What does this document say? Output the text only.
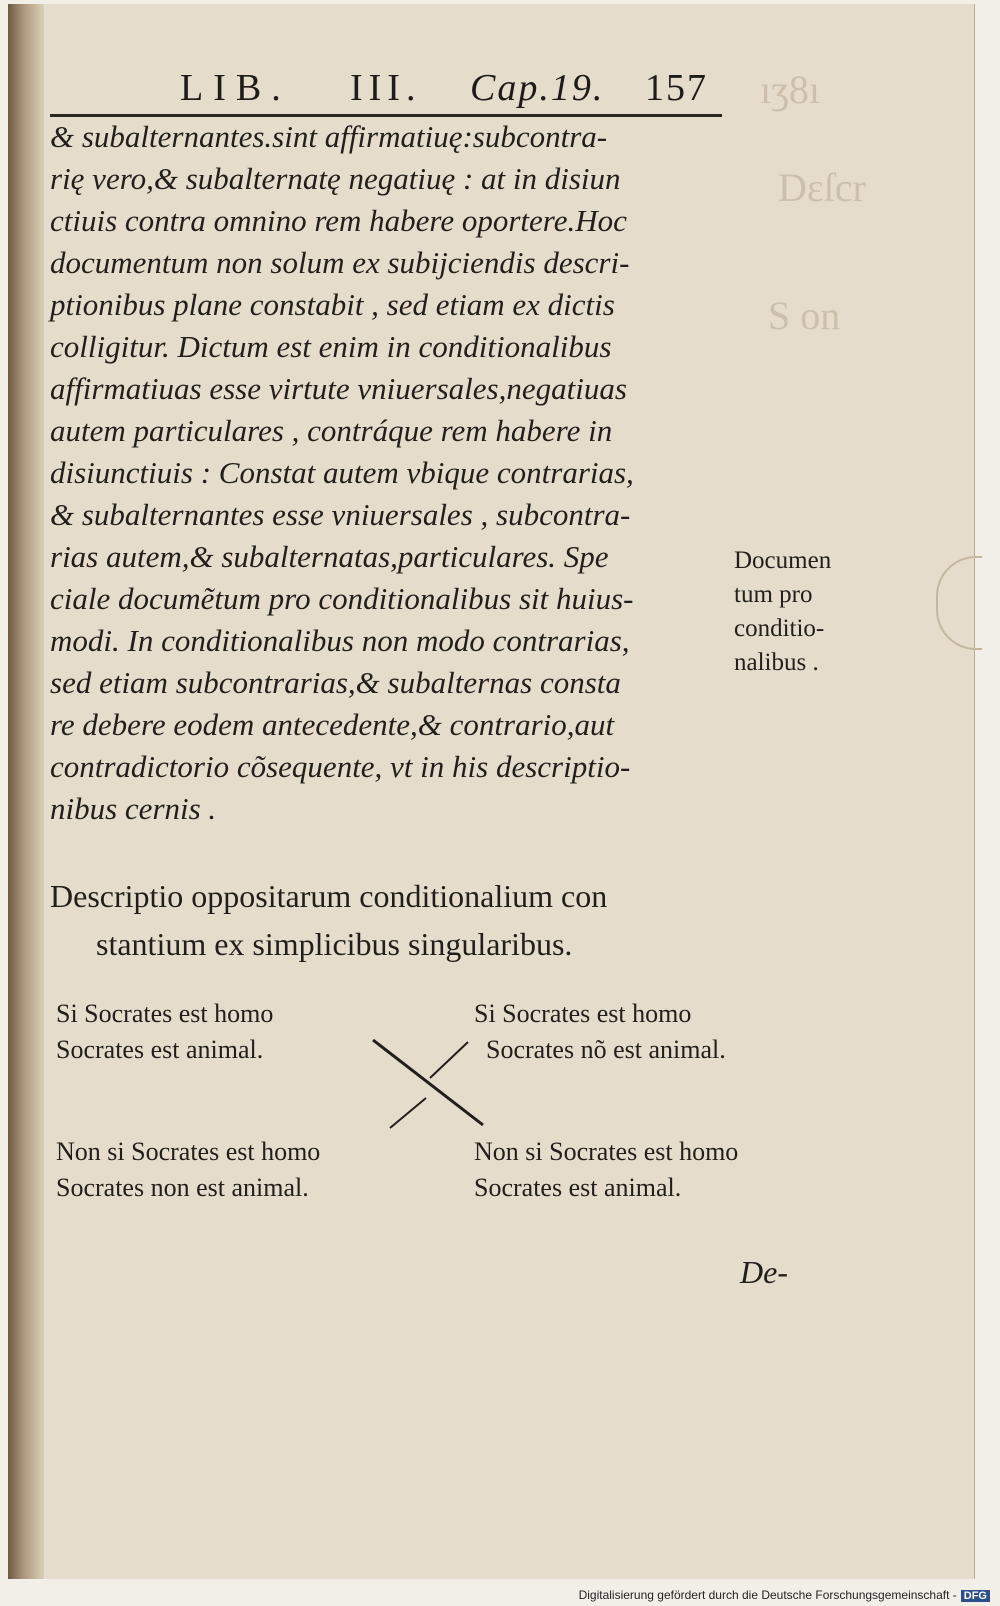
ıʒ8ı
Dεſcr
S on
LIB. III. Cap.19. 157
& subalternantes.sint affirmatiuę:subcontra-
rię vero,& subalternatę negatiuę : at in disiun
ctiuis contra omnino rem habere oportere.Hoc
documentum non solum ex subijciendis descri-
ptionibus plane constabit , sed etiam ex dictis
colligitur. Dictum est enim in conditionalibus
affirmatiuas esse virtute vniuersales,negatiuas
autem particulares , contráque rem habere in
disiunctiuis : Constat autem vbique contrarias,
& subalternantes esse vniuersales , subcontra-
rias autem,& subalternatas,particulares. Spe
ciale documẽtum pro conditionalibus sit huius-
modi. In conditionalibus non modo contrarias,
sed etiam subcontrarias,& subalternas consta
re debere eodem antecedente,& contrario,aut
contradictorio cõsequente, vt in his descriptio-
nibus cernis .
Documen
tum pro
conditio-
nalibus .
Descriptio oppositarum conditionalium con
stantium ex simplicibus singularibus.
Si Socrates est homo
Socrates est animal.
Si Socrates est homo
Socrates nõ est animal.
Non si Socrates est homo
Socrates non est animal.
Non si Socrates est homo
Socrates est animal.
De-
Digitalisierung gefördert durch die Deutsche Forschungsgemeinschaft - DFG
